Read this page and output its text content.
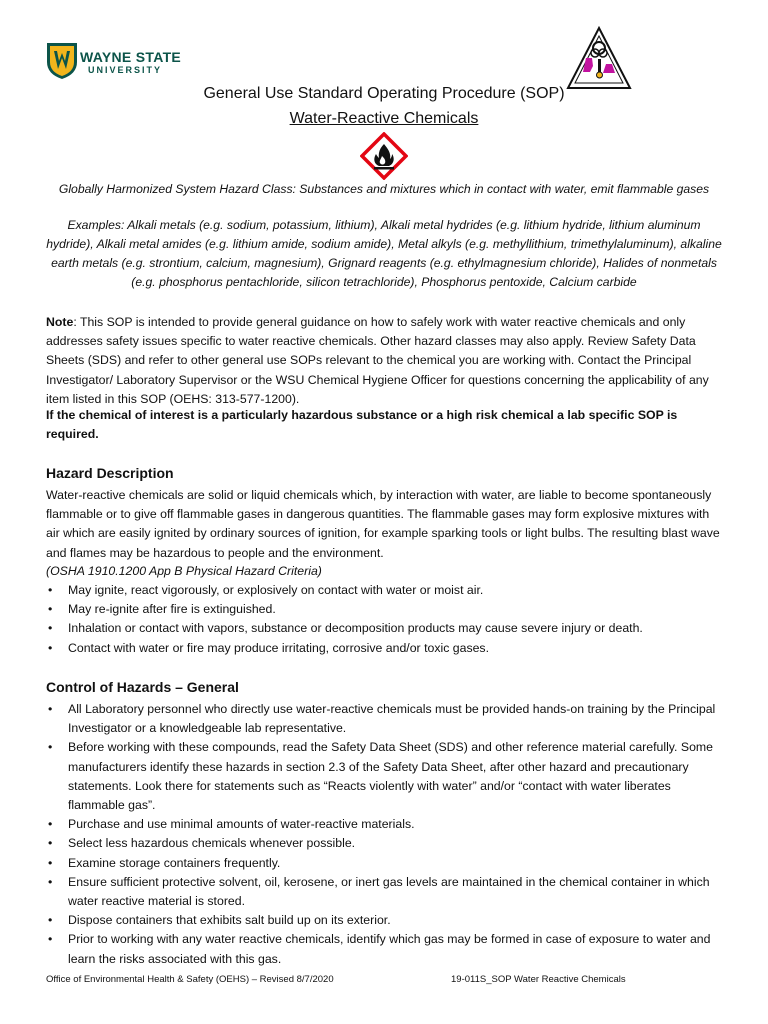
WAYNE STATE
UNIVERSITY
General Use Standard Operating Procedure (SOP)
Water-Reactive Chemicals
Globally Harmonized System Hazard Class: Substances and mixtures which in contact with water, emit flammable gases
Examples: Alkali metals (e.g. sodium, potassium, lithium), Alkali metal hydrides (e.g. lithium hydride, lithium aluminum hydride), Alkali metal amides (e.g. lithium amide, sodium amide), Metal alkyls (e.g. methyllithium, trimethylaluminum), alkaline earth metals (e.g. strontium, calcium, magnesium), Grignard reagents (e.g. ethylmagnesium chloride), Halides of nonmetals (e.g. phosphorus pentachloride, silicon tetrachloride), Phosphorus pentoxide, Calcium carbide
Note: This SOP is intended to provide general guidance on how to safely work with water reactive chemicals and only addresses safety issues specific to water reactive chemicals. Other hazard classes may also apply. Review Safety Data Sheets (SDS) and refer to other general use SOPs relevant to the chemical you are working with. Contact the Principal Investigator/ Laboratory Supervisor or the WSU Chemical Hygiene Officer for questions concerning the applicability of any item listed in this SOP (OEHS: 313-577-1200).
If the chemical of interest is a particularly hazardous substance or a high risk chemical a lab specific SOP is required.
Hazard Description
Water-reactive chemicals are solid or liquid chemicals which, by interaction with water, are liable to become spontaneously flammable or to give off flammable gases in dangerous quantities. The flammable gases may form explosive mixtures with air which are easily ignited by ordinary sources of ignition, for example sparking tools or light bulbs. The resulting blast wave and flames may be hazardous to people and the environment.
(OSHA 1910.1200 App B Physical Hazard Criteria)
• May ignite, react vigorously, or explosively on contact with water or moist air.
• May re-ignite after fire is extinguished.
• Inhalation or contact with vapors, substance or decomposition products may cause severe injury or death.
• Contact with water or fire may produce irritating, corrosive and/or toxic gases.
Control of Hazards – General
• All Laboratory personnel who directly use water-reactive chemicals must be provided hands-on training by the Principal Investigator or a knowledgeable lab representative.
• Before working with these compounds, read the Safety Data Sheet (SDS) and other reference material carefully. Some manufacturers identify these hazards in section 2.3 of the Safety Data Sheet, after other hazard and precautionary statements. Look there for statements such as “Reacts violently with water” and/or “contact with water liberates flammable gas”.
• Purchase and use minimal amounts of water-reactive materials.
• Select less hazardous chemicals whenever possible.
• Examine storage containers frequently.
• Ensure sufficient protective solvent, oil, kerosene, or inert gas levels are maintained in the chemical container in which water reactive material is stored.
• Dispose containers that exhibits salt build up on its exterior.
• Prior to working with any water reactive chemicals, identify which gas may be formed in case of exposure to water and learn the risks associated with this gas.
Office of Environmental Health & Safety (OEHS) – Revised 8/7/2020	19-011S_SOP Water Reactive Chemicals
